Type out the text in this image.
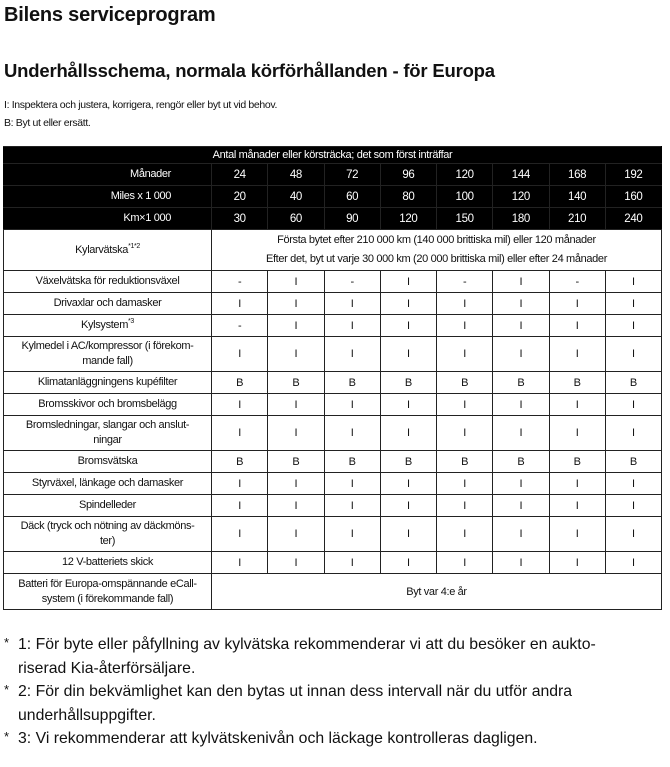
Bilens serviceprogram
Underhållsschema, normala körförhållanden - för Europa
I: Inspektera och justera, korrigera, rengör eller byt ut vid behov.
B: Byt ut eller ersätt.
Antal månader eller körsträcka; det som först inträffar								
Månader	24	48	72	96	120	144	168	192
Miles x 1 000	20	40	60	80	100	120	140	160
Km×1 000	30	60	90	120	150	180	210	240
Kylarvätska$^{*1*2}$	Första bytet efter 210 000 km (140 000 brittiska mil) eller 120 månader
Efter det, byt ut varje 30 000 km (20 000 brittiska mil) eller efter 24 månader							

Växelvätska för reduktionsväxel	-	I	-	I	-	I	-	I
Drivaxlar och damasker	I	I	I	I	I	I	I	I
Kylsystem$^{*3}$	-	I	I	I	I	I	I	I

Kylmedel i AC/kompressor (i förekom-
mande fall)	I	I	I	I	I	I	I	I
Klimatanläggningens kupéfilter	B	B	B	B	B	B	B	B
Bromsskivor och bromsbelägg	I	I	I	I	I	I	I	I

Bromsledningar, slangar och anslut-
ningar	I	I	I	I	I	I	I	I
Bromsvätska	B	B	B	B	B	B	B	B
Styrväxel, länkage och damasker	I	I	I	I	I	I	I	I
Spindelleder	I	I	I	I	I	I	I	I

Däck (tryck och nötning av däckmöns-
ter)	I	I	I	I	I	I	I	I
12 V-batteriets skick	I	I	I	I	I	I	I	I

Batteri för Europa-omspännande eCall-
system (i förekommande fall)	Byt var 4:e år							
* 1: För byte eller påfyllning av kylvätska rekommenderar vi att du besöker en aukto-
riserad Kia-återförsäljare.
* 2: För din bekvämlighet kan den bytas ut innan dess intervall när du utför andra
underhållsuppgifter.
* 3: Vi rekommenderar att kylvätskenivån och läckage kontrolleras dagligen.
